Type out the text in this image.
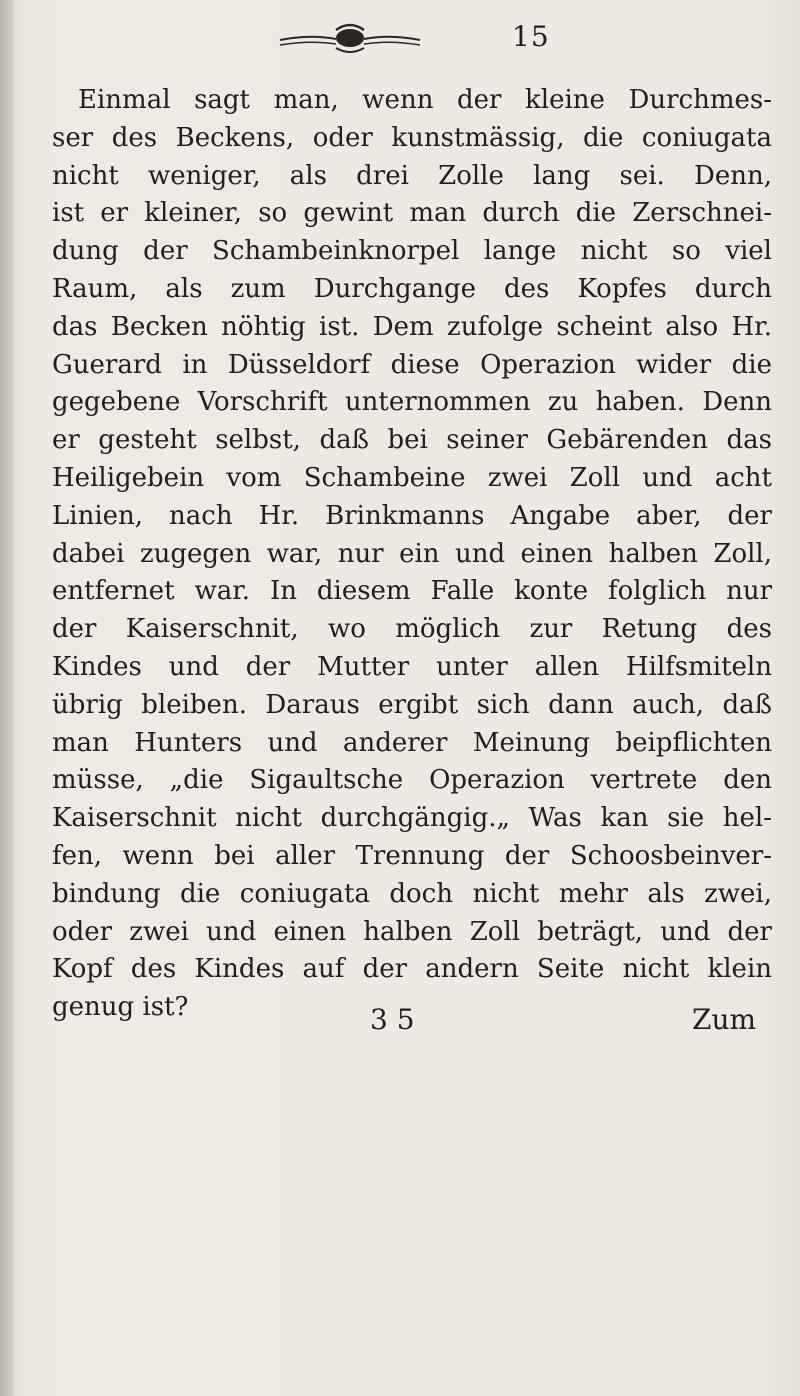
15
Einmal sagt man, wenn der kleine Durchmes-
ser des Beckens, oder kunstmässig, die coniugata
nicht weniger, als drei Zolle lang sei. Denn,
ist er kleiner, so gewint man durch die Zerschnei-
dung der Schambeinknorpel lange nicht so viel
Raum, als zum Durchgange des Kopfes durch
das Becken nöhtig ist. Dem zufolge scheint also Hr.
Guerard in Düsseldorf diese Operazion wider die
gegebene Vorschrift unternommen zu haben. Denn
er gesteht selbst, daß bei seiner Gebärenden das
Heiligebein vom Schambeine zwei Zoll und acht
Linien, nach Hr. Brinkmanns Angabe aber, der
dabei zugegen war, nur ein und einen halben Zoll,
entfernet war. In diesem Falle konte folglich nur
der Kaiserschnit, wo möglich zur Retung des
Kindes und der Mutter unter allen Hilfsmiteln
übrig bleiben. Daraus ergibt sich dann auch, daß
man Hunters und anderer Meinung beipflichten
müsse, „die Sigaultsche Operazion vertrete den
Kaiserschnit nicht durchgängig.„ Was kan sie hel-
fen, wenn bei aller Trennung der Schoosbeinver-
bindung die coniugata doch nicht mehr als zwei,
oder zwei und einen halben Zoll beträgt, und der
Kopf des Kindes auf der andern Seite nicht klein
genug ist?	3 5	Zum
